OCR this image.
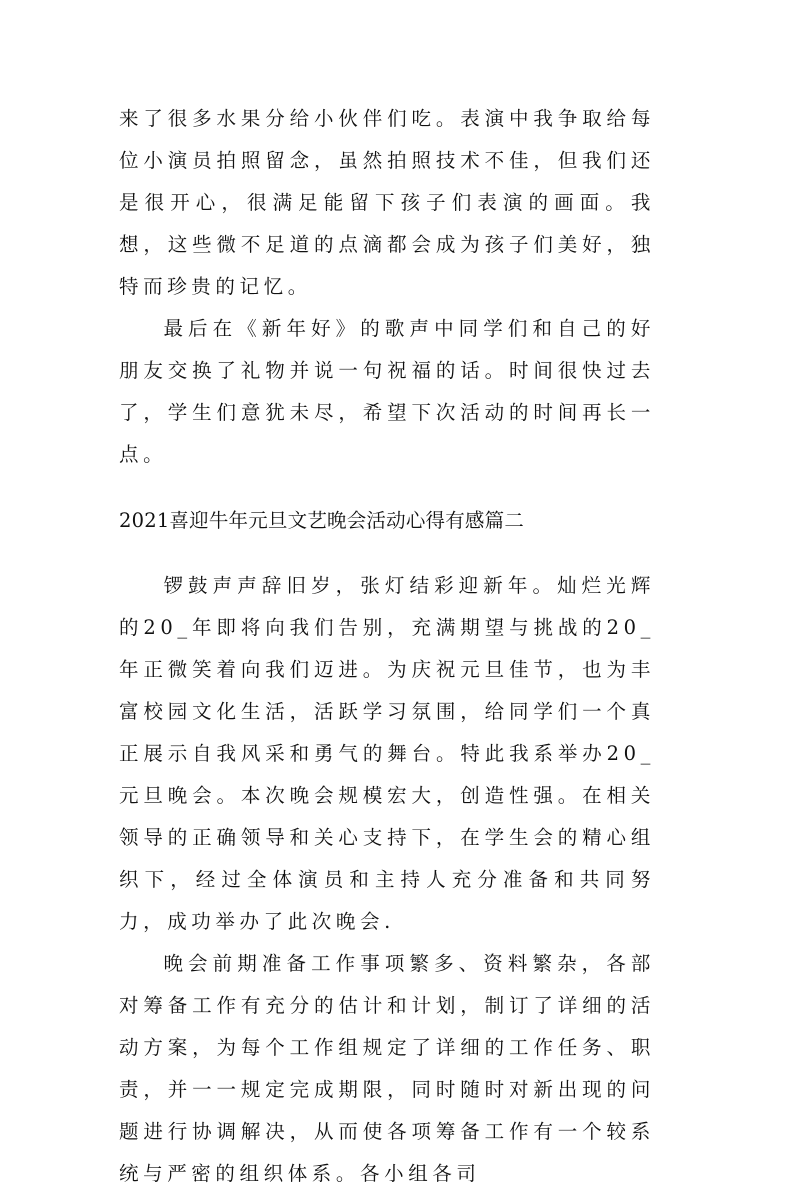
来了很多水果分给小伙伴们吃。表演中我争取给每位小演员拍照留念，虽然拍照技术不佳，但我们还是很开心，很满足能留下孩子们表演的画面。我想，这些微不足道的点滴都会成为孩子们美好，独特而珍贵的记忆。

最后在《新年好》的歌声中同学们和自己的好朋友交换了礼物并说一句祝福的话。时间很快过去了，学生们意犹未尽，希望下次活动的时间再长一点。

2021喜迎牛年元旦文艺晚会活动心得有感篇二

锣鼓声声辞旧岁，张灯结彩迎新年。灿烂光辉的20_年即将向我们告别，充满期望与挑战的20_年正微笑着向我们迈进。为庆祝元旦佳节，也为丰富校园文化生活，活跃学习氛围，给同学们一个真正展示自我风采和勇气的舞台。特此我系举办20_元旦晚会。本次晚会规模宏大，创造性强。在相关领导的正确领导和关心支持下，在学生会的精心组织下，经过全体演员和主持人充分准备和共同努力，成功举办了此次晚会.

晚会前期准备工作事项繁多、资料繁杂，各部对筹备工作有充分的估计和计划，制订了详细的活动方案，为每个工作组规定了详细的工作任务、职责，并一一规定完成期限，同时随时对新出现的问题进行协调解决，从而使各项筹备工作有一个较系统与严密的组织体系。各小组各司
